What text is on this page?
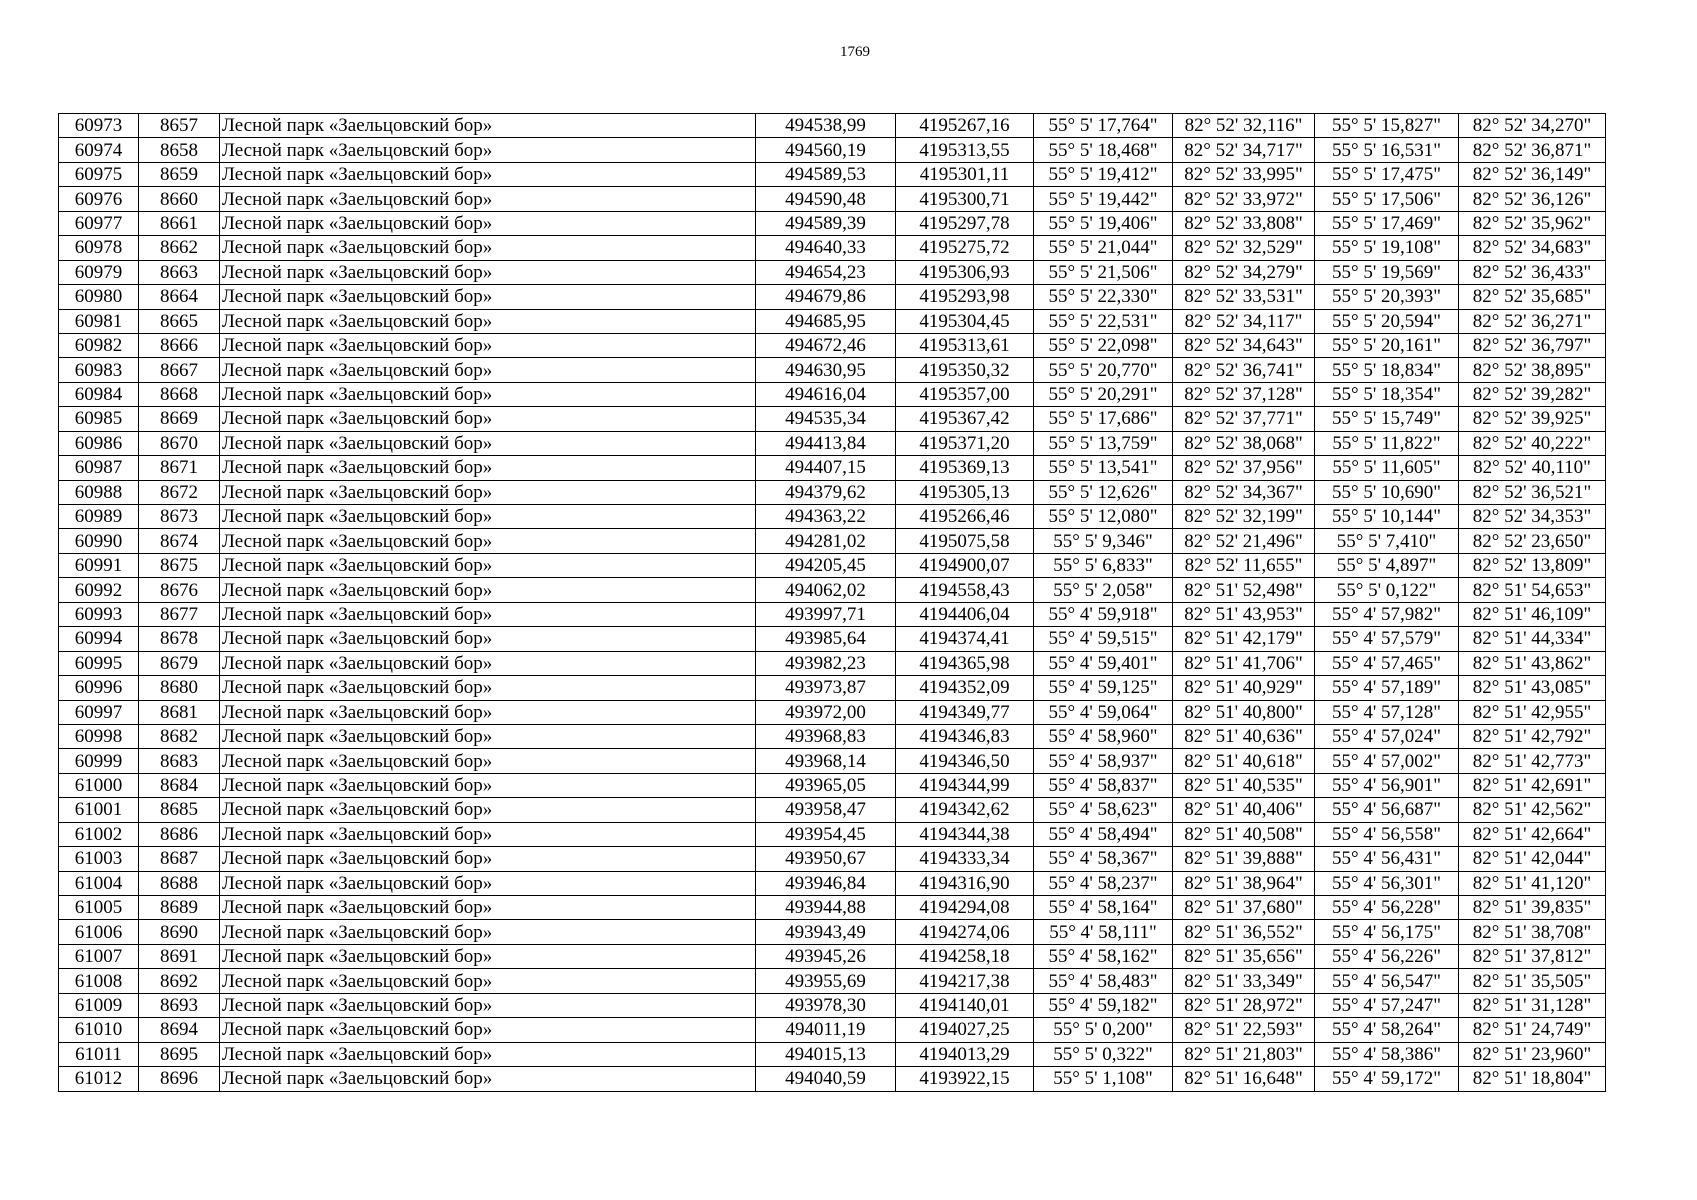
1769
60973	8657	Лесной парк «Заельцовский бор»	494538,99	4195267,16	55° 5' 17,764"	82° 52' 32,116"	55° 5' 15,827"	82° 52' 34,270"
60974	8658	Лесной парк «Заельцовский бор»	494560,19	4195313,55	55° 5' 18,468"	82° 52' 34,717"	55° 5' 16,531"	82° 52' 36,871"
60975	8659	Лесной парк «Заельцовский бор»	494589,53	4195301,11	55° 5' 19,412"	82° 52' 33,995"	55° 5' 17,475"	82° 52' 36,149"
60976	8660	Лесной парк «Заельцовский бор»	494590,48	4195300,71	55° 5' 19,442"	82° 52' 33,972"	55° 5' 17,506"	82° 52' 36,126"
60977	8661	Лесной парк «Заельцовский бор»	494589,39	4195297,78	55° 5' 19,406"	82° 52' 33,808"	55° 5' 17,469"	82° 52' 35,962"
60978	8662	Лесной парк «Заельцовский бор»	494640,33	4195275,72	55° 5' 21,044"	82° 52' 32,529"	55° 5' 19,108"	82° 52' 34,683"
60979	8663	Лесной парк «Заельцовский бор»	494654,23	4195306,93	55° 5' 21,506"	82° 52' 34,279"	55° 5' 19,569"	82° 52' 36,433"
60980	8664	Лесной парк «Заельцовский бор»	494679,86	4195293,98	55° 5' 22,330"	82° 52' 33,531"	55° 5' 20,393"	82° 52' 35,685"
60981	8665	Лесной парк «Заельцовский бор»	494685,95	4195304,45	55° 5' 22,531"	82° 52' 34,117"	55° 5' 20,594"	82° 52' 36,271"
60982	8666	Лесной парк «Заельцовский бор»	494672,46	4195313,61	55° 5' 22,098"	82° 52' 34,643"	55° 5' 20,161"	82° 52' 36,797"
60983	8667	Лесной парк «Заельцовский бор»	494630,95	4195350,32	55° 5' 20,770"	82° 52' 36,741"	55° 5' 18,834"	82° 52' 38,895"
60984	8668	Лесной парк «Заельцовский бор»	494616,04	4195357,00	55° 5' 20,291"	82° 52' 37,128"	55° 5' 18,354"	82° 52' 39,282"
60985	8669	Лесной парк «Заельцовский бор»	494535,34	4195367,42	55° 5' 17,686"	82° 52' 37,771"	55° 5' 15,749"	82° 52' 39,925"
60986	8670	Лесной парк «Заельцовский бор»	494413,84	4195371,20	55° 5' 13,759"	82° 52' 38,068"	55° 5' 11,822"	82° 52' 40,222"
60987	8671	Лесной парк «Заельцовский бор»	494407,15	4195369,13	55° 5' 13,541"	82° 52' 37,956"	55° 5' 11,605"	82° 52' 40,110"
60988	8672	Лесной парк «Заельцовский бор»	494379,62	4195305,13	55° 5' 12,626"	82° 52' 34,367"	55° 5' 10,690"	82° 52' 36,521"
60989	8673	Лесной парк «Заельцовский бор»	494363,22	4195266,46	55° 5' 12,080"	82° 52' 32,199"	55° 5' 10,144"	82° 52' 34,353"
60990	8674	Лесной парк «Заельцовский бор»	494281,02	4195075,58	55° 5' 9,346"	82° 52' 21,496"	55° 5' 7,410"	82° 52' 23,650"
60991	8675	Лесной парк «Заельцовский бор»	494205,45	4194900,07	55° 5' 6,833"	82° 52' 11,655"	55° 5' 4,897"	82° 52' 13,809"
60992	8676	Лесной парк «Заельцовский бор»	494062,02	4194558,43	55° 5' 2,058"	82° 51' 52,498"	55° 5' 0,122"	82° 51' 54,653"
60993	8677	Лесной парк «Заельцовский бор»	493997,71	4194406,04	55° 4' 59,918"	82° 51' 43,953"	55° 4' 57,982"	82° 51' 46,109"
60994	8678	Лесной парк «Заельцовский бор»	493985,64	4194374,41	55° 4' 59,515"	82° 51' 42,179"	55° 4' 57,579"	82° 51' 44,334"
60995	8679	Лесной парк «Заельцовский бор»	493982,23	4194365,98	55° 4' 59,401"	82° 51' 41,706"	55° 4' 57,465"	82° 51' 43,862"
60996	8680	Лесной парк «Заельцовский бор»	493973,87	4194352,09	55° 4' 59,125"	82° 51' 40,929"	55° 4' 57,189"	82° 51' 43,085"
60997	8681	Лесной парк «Заельцовский бор»	493972,00	4194349,77	55° 4' 59,064"	82° 51' 40,800"	55° 4' 57,128"	82° 51' 42,955"
60998	8682	Лесной парк «Заельцовский бор»	493968,83	4194346,83	55° 4' 58,960"	82° 51' 40,636"	55° 4' 57,024"	82° 51' 42,792"
60999	8683	Лесной парк «Заельцовский бор»	493968,14	4194346,50	55° 4' 58,937"	82° 51' 40,618"	55° 4' 57,002"	82° 51' 42,773"
61000	8684	Лесной парк «Заельцовский бор»	493965,05	4194344,99	55° 4' 58,837"	82° 51' 40,535"	55° 4' 56,901"	82° 51' 42,691"
61001	8685	Лесной парк «Заельцовский бор»	493958,47	4194342,62	55° 4' 58,623"	82° 51' 40,406"	55° 4' 56,687"	82° 51' 42,562"
61002	8686	Лесной парк «Заельцовский бор»	493954,45	4194344,38	55° 4' 58,494"	82° 51' 40,508"	55° 4' 56,558"	82° 51' 42,664"
61003	8687	Лесной парк «Заельцовский бор»	493950,67	4194333,34	55° 4' 58,367"	82° 51' 39,888"	55° 4' 56,431"	82° 51' 42,044"
61004	8688	Лесной парк «Заельцовский бор»	493946,84	4194316,90	55° 4' 58,237"	82° 51' 38,964"	55° 4' 56,301"	82° 51' 41,120"
61005	8689	Лесной парк «Заельцовский бор»	493944,88	4194294,08	55° 4' 58,164"	82° 51' 37,680"	55° 4' 56,228"	82° 51' 39,835"
61006	8690	Лесной парк «Заельцовский бор»	493943,49	4194274,06	55° 4' 58,111"	82° 51' 36,552"	55° 4' 56,175"	82° 51' 38,708"
61007	8691	Лесной парк «Заельцовский бор»	493945,26	4194258,18	55° 4' 58,162"	82° 51' 35,656"	55° 4' 56,226"	82° 51' 37,812"
61008	8692	Лесной парк «Заельцовский бор»	493955,69	4194217,38	55° 4' 58,483"	82° 51' 33,349"	55° 4' 56,547"	82° 51' 35,505"
61009	8693	Лесной парк «Заельцовский бор»	493978,30	4194140,01	55° 4' 59,182"	82° 51' 28,972"	55° 4' 57,247"	82° 51' 31,128"
61010	8694	Лесной парк «Заельцовский бор»	494011,19	4194027,25	55° 5' 0,200"	82° 51' 22,593"	55° 4' 58,264"	82° 51' 24,749"
61011	8695	Лесной парк «Заельцовский бор»	494015,13	4194013,29	55° 5' 0,322"	82° 51' 21,803"	55° 4' 58,386"	82° 51' 23,960"
61012	8696	Лесной парк «Заельцовский бор»	494040,59	4193922,15	55° 5' 1,108"	82° 51' 16,648"	55° 4' 59,172"	82° 51' 18,804"
